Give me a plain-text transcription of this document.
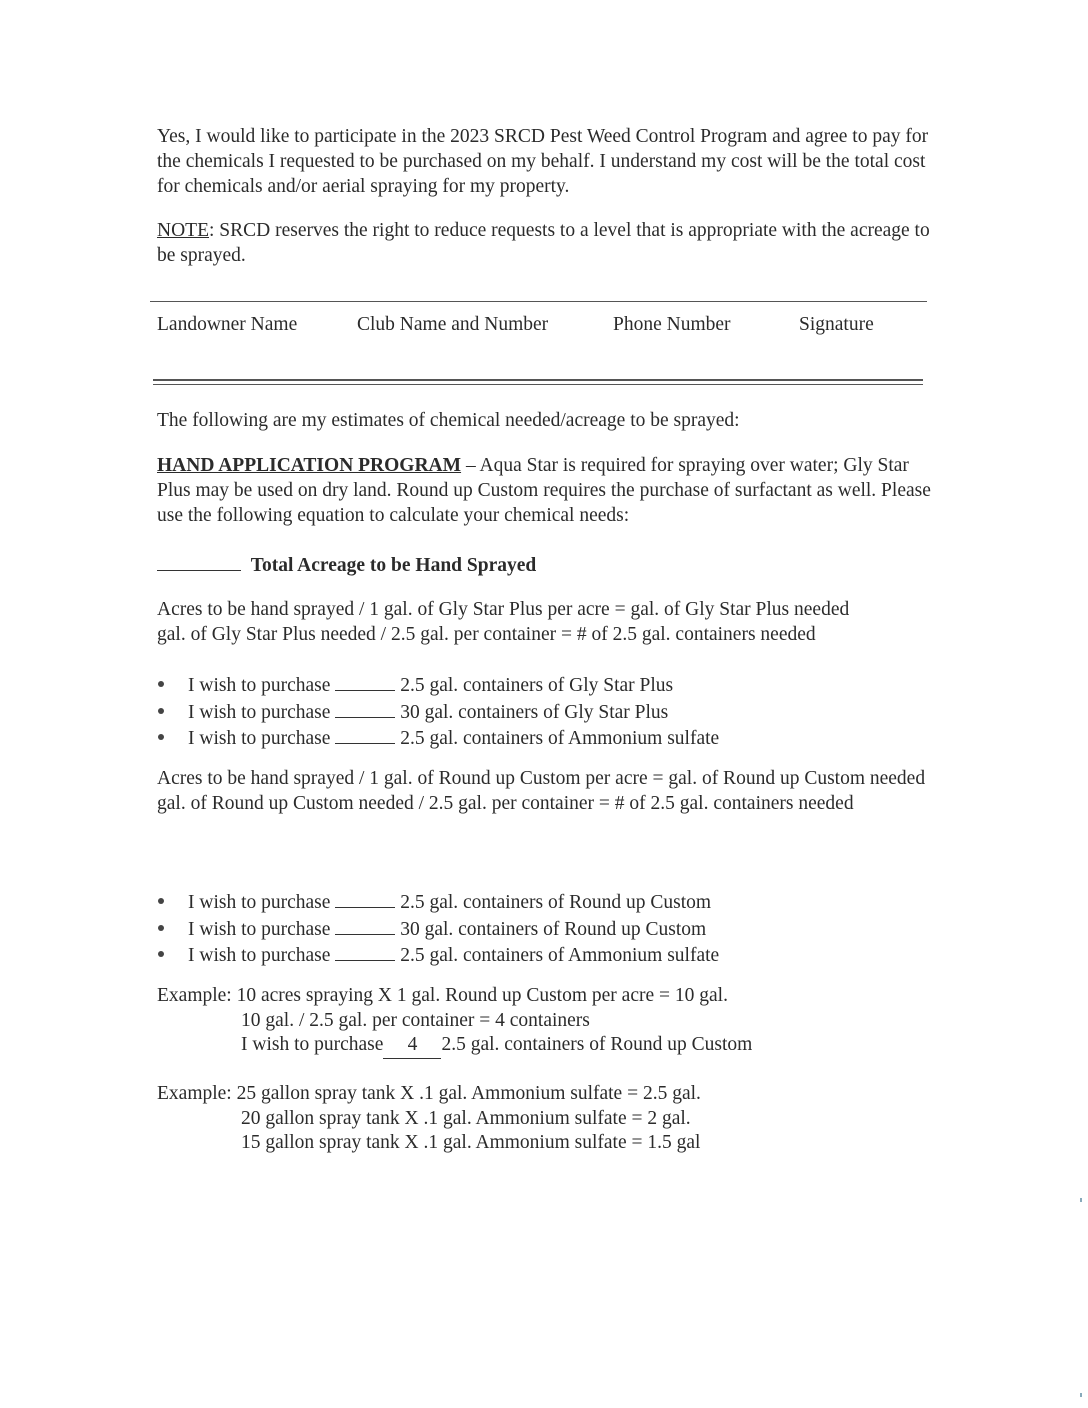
Yes, I would like to participate in the 2023 SRCD Pest Weed Control Program and agree to pay for the chemicals I requested to be purchased on my behalf. I understand my cost will be the total cost for chemicals and/or aerial spraying for my property.

NOTE: SRCD reserves the right to reduce requests to a level that is appropriate with the acreage to be sprayed.

Landowner Name	Club Name and Number	Phone Number	Signature

The following are my estimates of chemical needed/acreage to be sprayed:

HAND APPLICATION PROGRAM – Aqua Star is required for spraying over water; Gly Star Plus may be used on dry land. Round up Custom requires the purchase of surfactant as well. Please use the following equation to calculate your chemical needs:

Total Acreage to be Hand Sprayed

Acres to be hand sprayed / 1 gal. of Gly Star Plus per acre = gal. of Gly Star Plus needed
gal. of Gly Star Plus needed / 2.5 gal. per container = # of 2.5 gal. containers needed

I wish to purchase	2.5 gal. containers of Gly Star Plus
I wish to purchase	30 gal. containers of Gly Star Plus
I wish to purchase	2.5 gal. containers of Ammonium sulfate

Acres to be hand sprayed / 1 gal. of Round up Custom per acre = gal. of Round up Custom needed gal. of Round up Custom needed / 2.5 gal. per container = # of 2.5 gal. containers needed

I wish to purchase	2.5 gal. containers of Round up Custom
I wish to purchase	30 gal. containers of Round up Custom
I wish to purchase	2.5 gal. containers of Ammonium sulfate
Example: 10 acres spraying X 1 gal. Round up Custom per acre = 10 gal.
10 gal. / 2.5 gal. per container = 4 containers
I wish to purchase 4 2.5 gal. containers of Round up Custom
Example: 25 gallon spray tank X .1 gal. Ammonium sulfate = 2.5 gal.
20 gallon spray tank X .1 gal. Ammonium sulfate = 2 gal.
15 gallon spray tank X .1 gal. Ammonium sulfate = 1.5 gal
